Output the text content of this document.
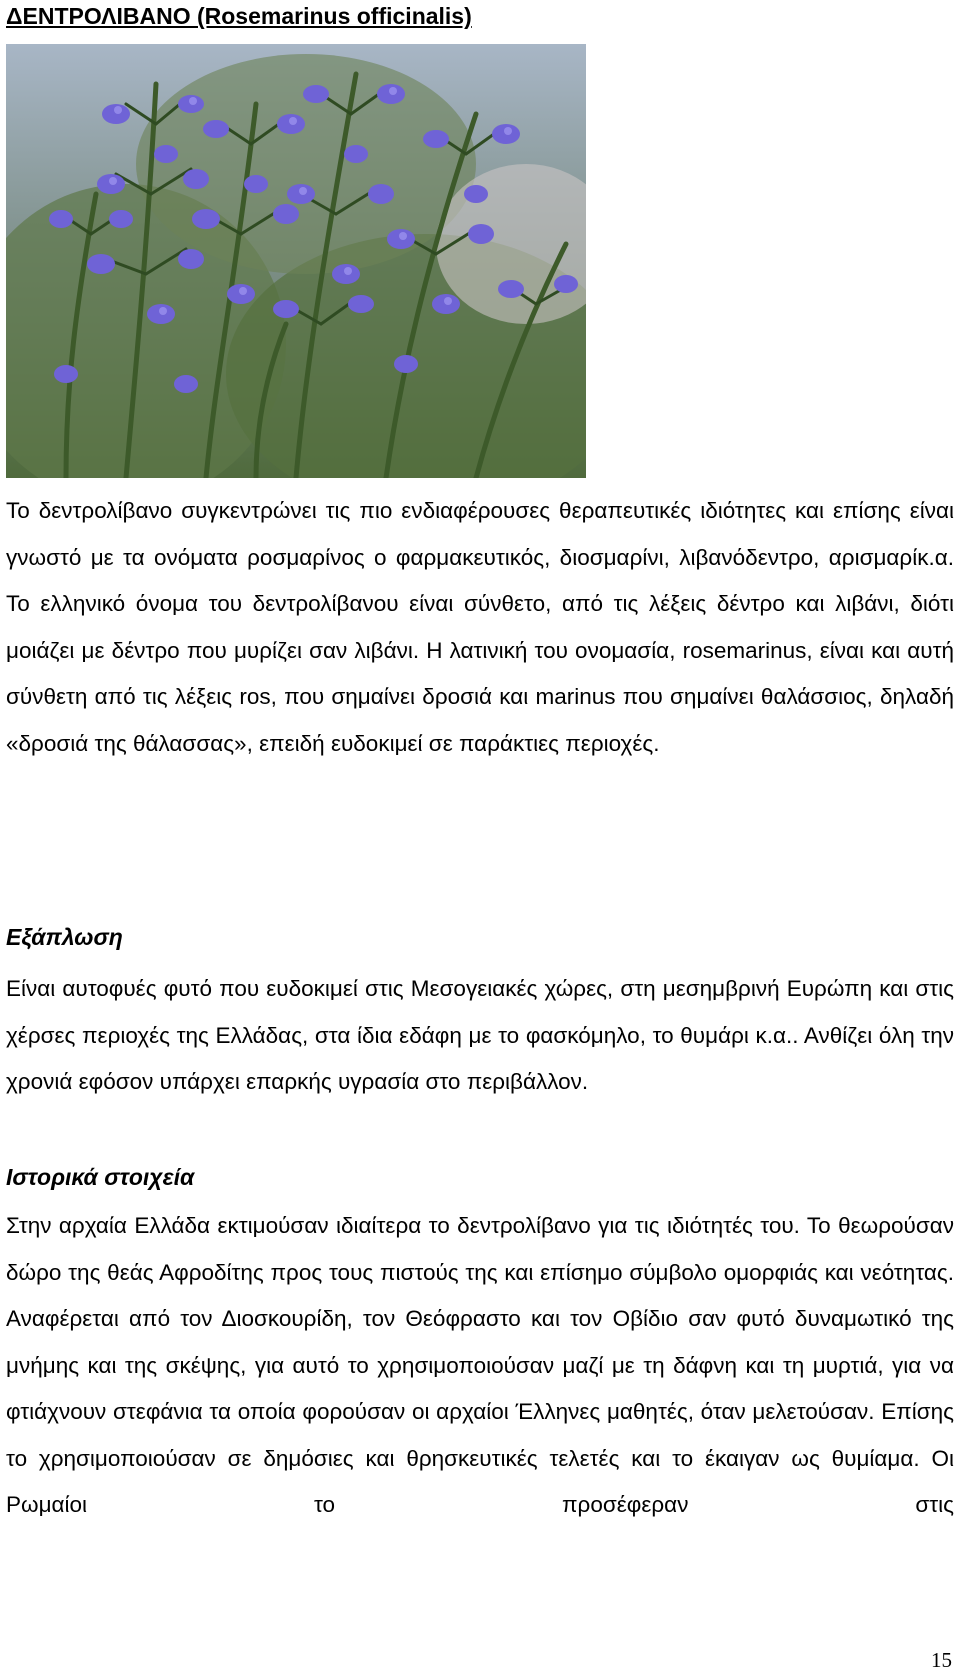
ΔΕΝΤΡΟΛΙΒΑΝΟ (Rosemarinus officinalis)

Το δεντρολίβανο συγκεντρώνει τις πιο ενδιαφέρουσες θεραπευτικές ιδιότητες και επίσης είναι γνωστό με τα ονόματα ροσμαρίνος ο φαρμακευτικός, διοσμαρίνι, λιβανόδεντρο, αρισμαρίκ.α. Το ελληνικό όνομα του δεντρολίβανου είναι σύνθετο, από τις λέξεις δέντρο και λιβάνι, διότι μοιάζει με δέντρο που μυρίζει σαν λιβάνι. Η λατινική του ονομασία, rosemarinus, είναι και αυτή σύνθετη από τις λέξεις ros, που σημαίνει δροσιά και marinus που σημαίνει θαλάσσιος, δηλαδή «δροσιά της θάλασσας», επειδή ευδοκιμεί σε παράκτιες περιοχές.

Εξάπλωση

Είναι αυτοφυές φυτό που ευδοκιμεί στις Μεσογειακές χώρες, στη μεσημβρινή Ευρώπη και στις χέρσες περιοχές της Ελλάδας, στα ίδια εδάφη με το φασκόμηλο, το θυμάρι κ.α.. Ανθίζει όλη την χρονιά εφόσον υπάρχει επαρκής υγρασία στο περιβάλλον.

Ιστορικά στοιχεία

Στην αρχαία Ελλάδα εκτιμούσαν ιδιαίτερα το δεντρολίβανο για τις ιδιότητές του. Το θεωρούσαν δώρο της θεάς Αφροδίτης προς τους πιστούς της και επίσημο σύμβολο ομορφιάς και νεότητας. Αναφέρεται από τον Διοσκουρίδη, τον Θεόφραστο και τον Οβίδιο σαν φυτό δυναμωτικό της μνήμης και της σκέψης, για αυτό το χρησιμοποιούσαν μαζί με τη δάφνη και τη μυρτιά, για να φτιάχνουν στεφάνια τα οποία φορούσαν οι αρχαίοι Έλληνες μαθητές, όταν μελετούσαν. Επίσης το χρησιμοποιούσαν σε δημόσιες και θρησκευτικές τελετές και το έκαιγαν ως θυμίαμα. Οι Ρωμαίοι το προσέφεραν στις

15
